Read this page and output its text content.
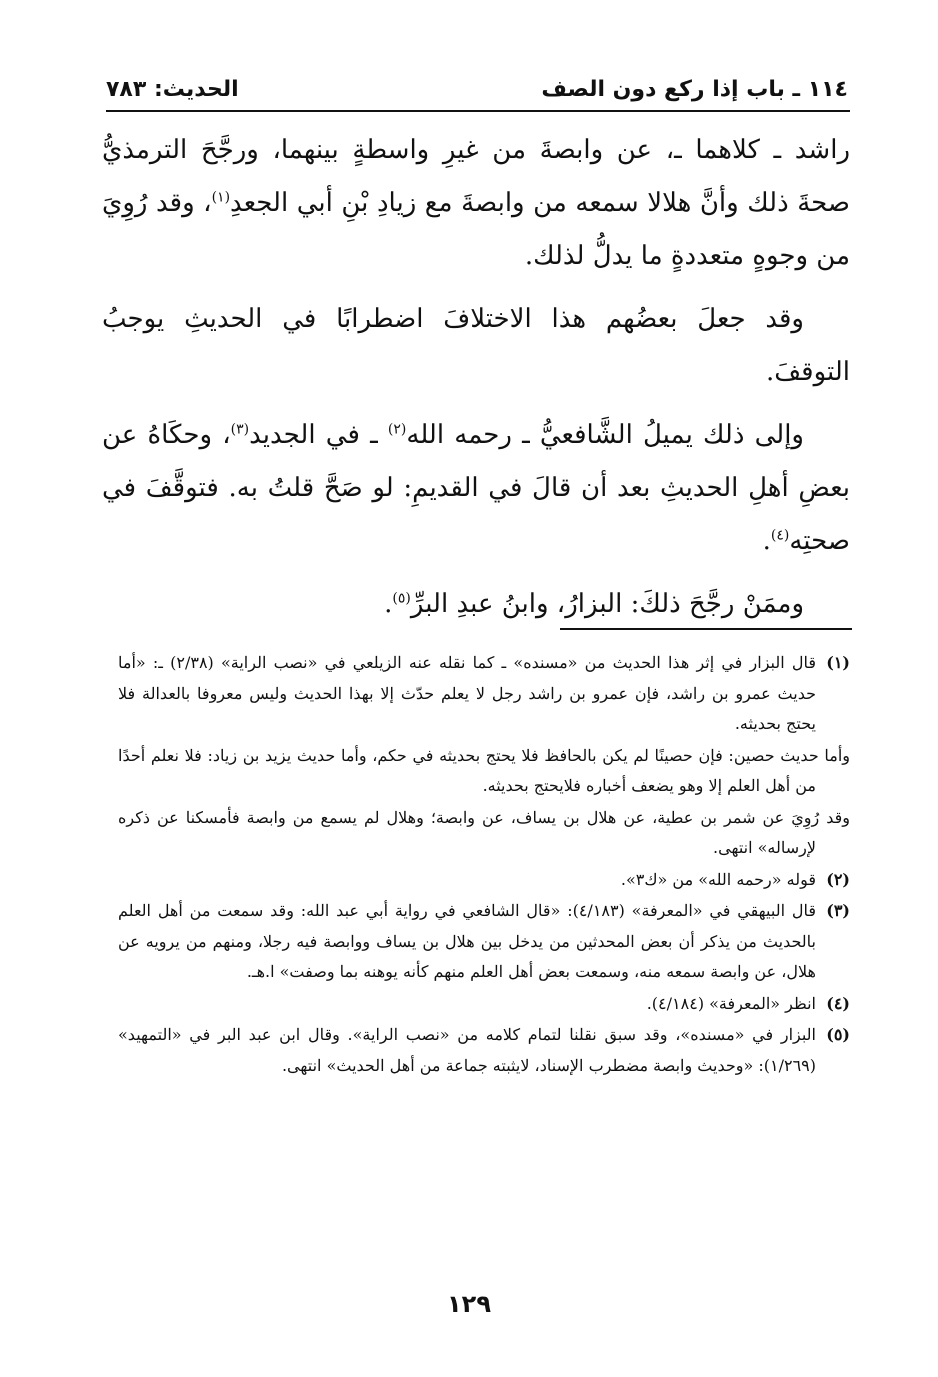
١١٤ ـ باب إذا ركع دون الصف
الحديث: ٧٨٣

راشد ـ كلاهما ـ، عن وابصةَ من غيرِ واسطةٍ بينهما، ورجَّحَ الترمذيُّ صحةَ ذلك وأنَّ هلالا سمعه من وابصةَ مع زيادِ بْنِ أبي الجعدِ$^{(١)}$، وقد رُوِيَ من وجوهٍ متعددةٍ ما يدلُّ لذلك.

وقد جعلَ بعضُهم هذا الاختلافَ اضطرابًا في الحديثِ يوجبُ التوقفَ.

وإلى ذلك يميلُ الشَّافعيُّ ـ رحمه الله$^{(٢)}$ ـ في الجديد$^{(٣)}$، وحكَاهُ عن بعضِ أهلِ الحديثِ بعد أن قالَ في القديمِ: لو صَحَّ قلتُ به. فتوقَّفَ في صحتِه$^{(٤)}$.

وممَنْ رجَّحَ ذلكَ: البزارُ، وابنُ عبدِ البرِّ$^{(٥)}$.

(١)قال البزار في إثر هذا الحديث من «مسنده» ـ كما نقله عنه الزيلعي في «نصب الراية» (٢/٣٨) ـ: «أما حديث عمرو بن راشد، فإن عمرو بن راشد رجل لا يعلم حدّث إلا بهذا الحديث وليس معروفا بالعدالة فلا يحتج بحديثه.

وأما حديث حصين: فإن حصينًا لم يكن بالحافظ فلا يحتج بحديثه في حكم، وأما حديث يزيد بن زياد: فلا نعلم أحدًا من أهل العلم إلا وهو يضعف أخباره فلايحتج بحديثه.

وقد رُوِيَ عن شمر بن عطية، عن هلال بن يساف، عن وابصة؛ وهلال لم يسمع من وابصة فأمسكنا عن ذكره لإرساله» انتهى.

(٢)قوله «رحمه الله» من «ك٣».

(٣)قال البيهقي في «المعرفة» (٤/١٨٣): «قال الشافعي في رواية أبي عبد الله: وقد سمعت من أهل العلم بالحديث من يذكر أن بعض المحدثين من يدخل بين هلال بن يساف ووابصة فيه رجلا، ومنهم من يرويه عن هلال، عن وابصة سمعه منه، وسمعت بعض أهل العلم منهم كأنه يوهنه بما وصفت» ا.هـ.

(٤)انظر «المعرفة» (٤/١٨٤).

(٥)البزار في «مسنده»، وقد سبق نقلنا لتمام كلامه من «نصب الراية». وقال ابن عبد البر في «التمهيد» (١/٢٦٩): «وحديث وابصة مضطرب الإسناد، لايثبته جماعة من أهل الحديث» انتهى.

١٢٩
